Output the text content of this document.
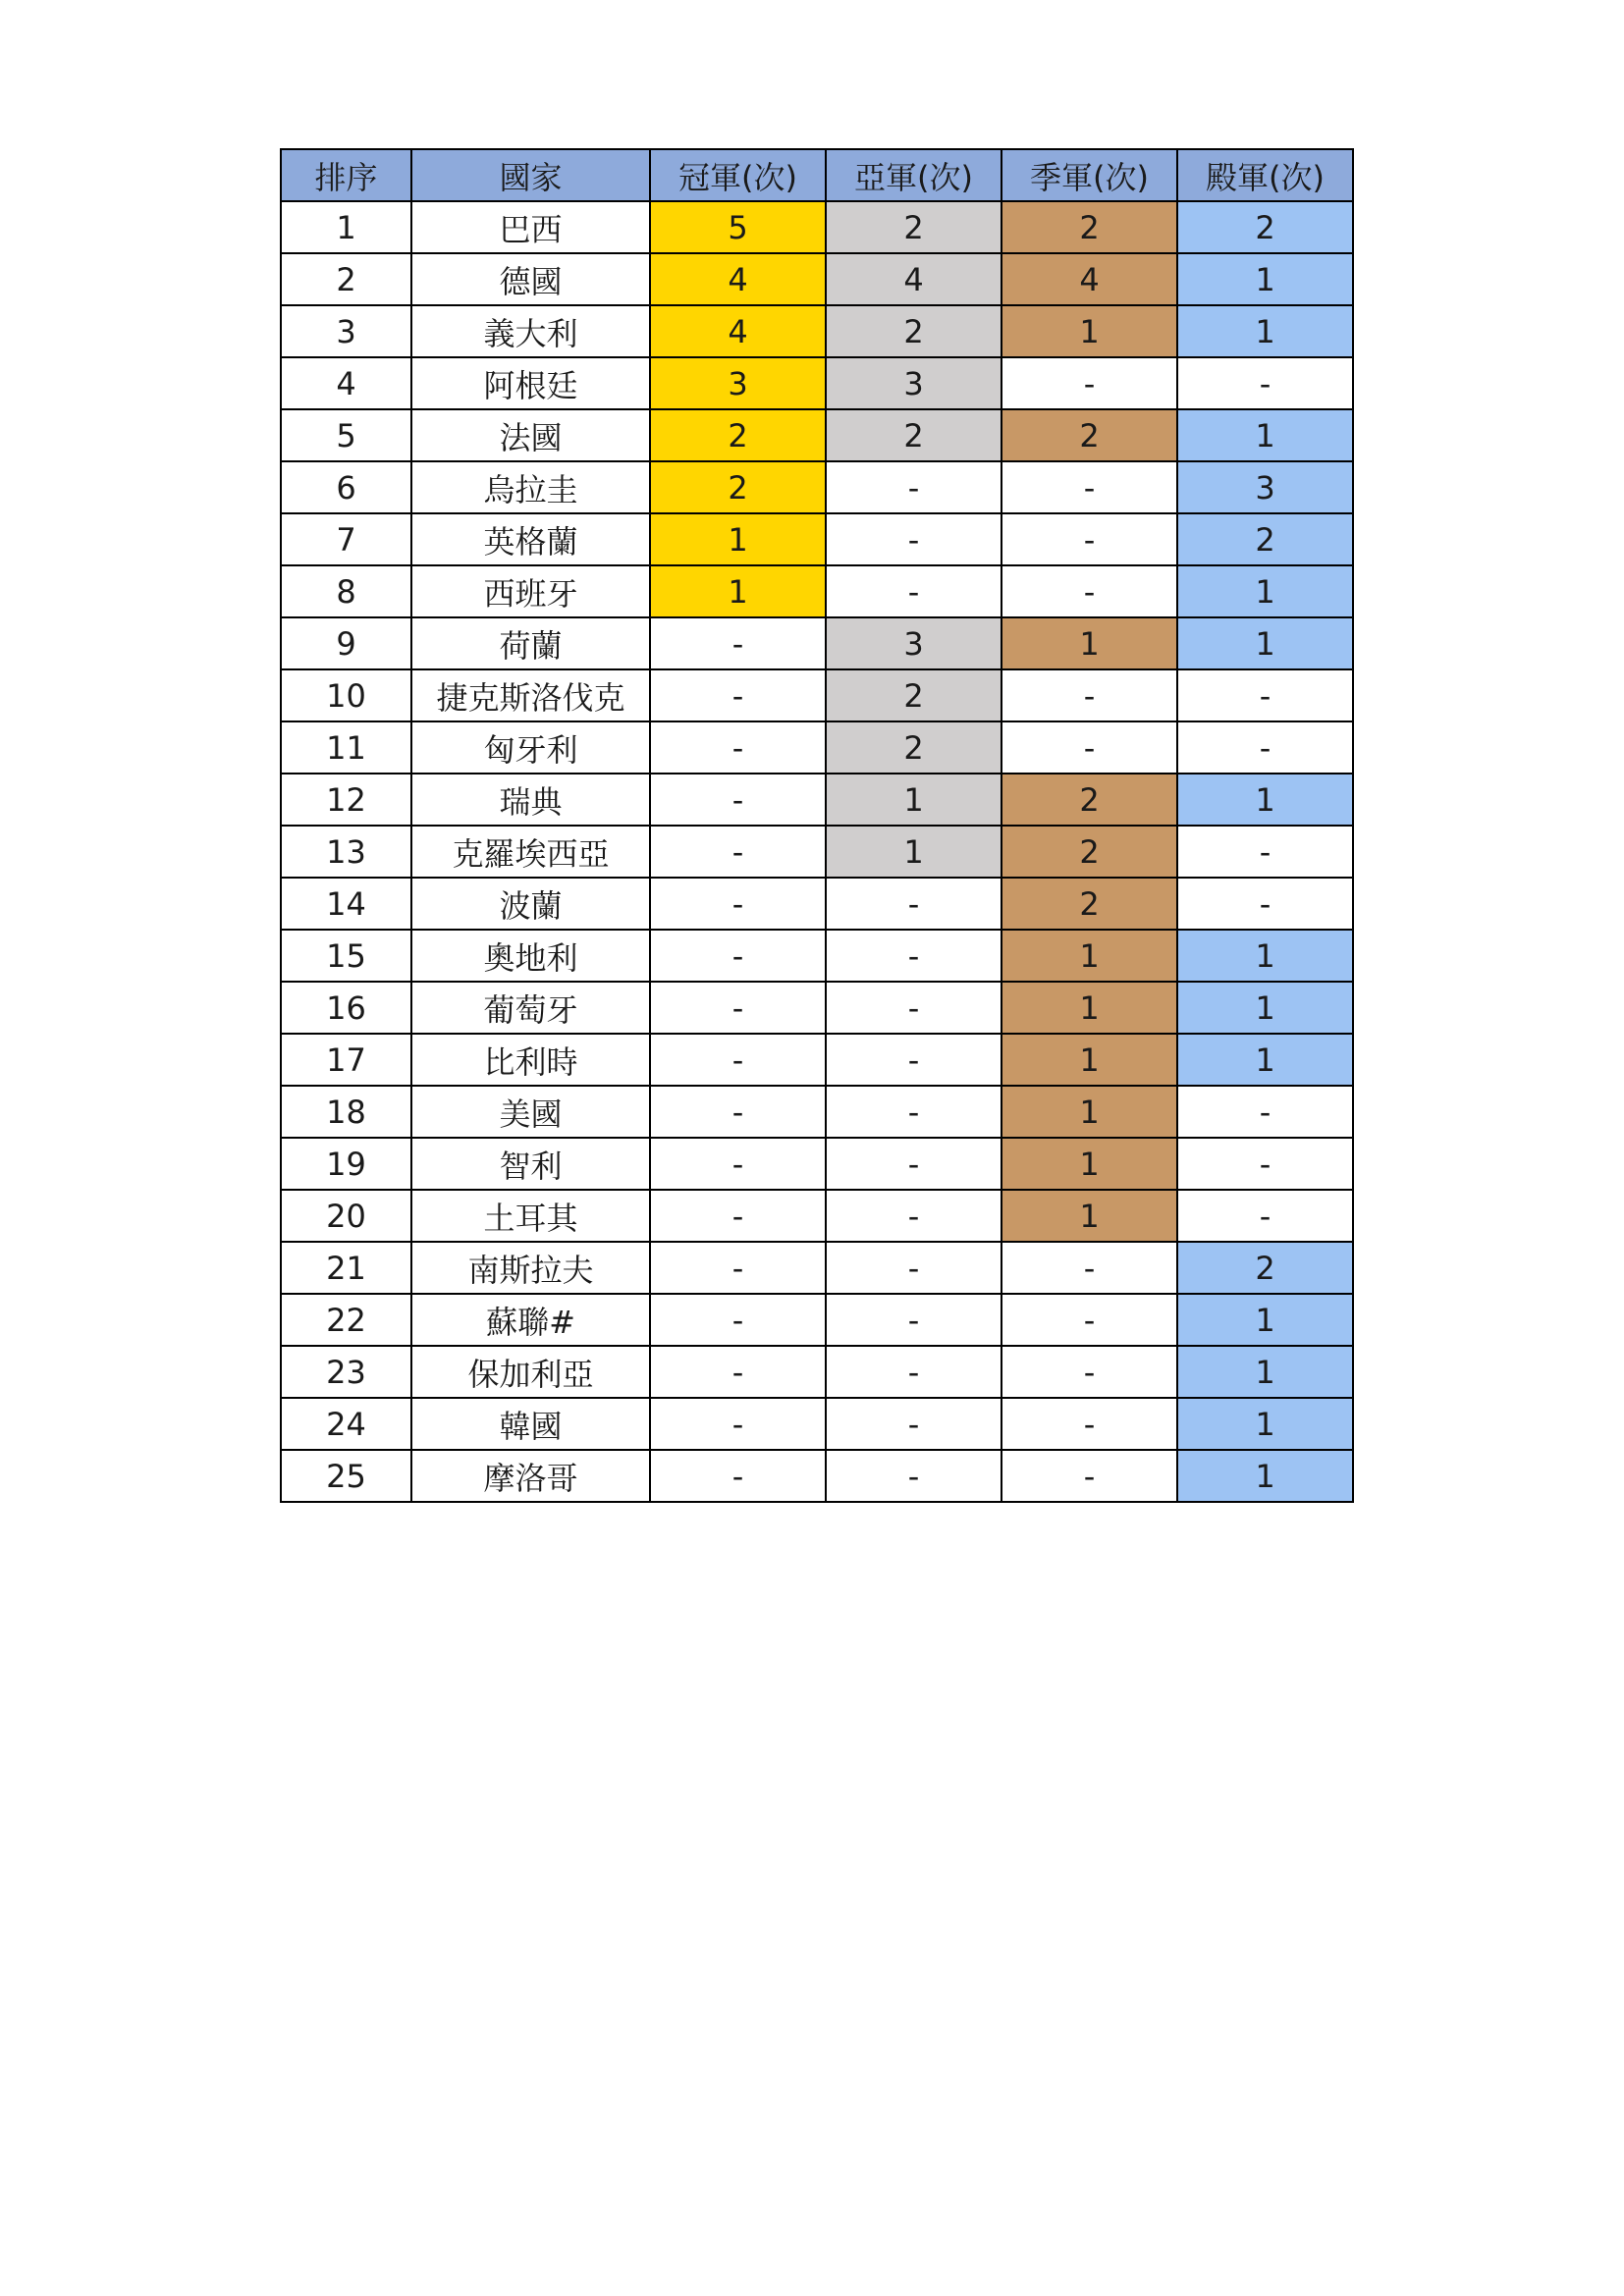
排序	國家	冠軍(次)	亞軍(次)	季軍(次)	殿軍(次)
1	巴西	5	2	2	2
2	德國	4	4	4	1
3	義大利	4	2	1	1
4	阿根廷	3	3	-	-
5	法國	2	2	2	1
6	烏拉圭	2	-	-	3
7	英格蘭	1	-	-	2
8	西班牙	1	-	-	1
9	荷蘭	-	3	1	1
10	捷克斯洛伐克	-	2	-	-
11	匈牙利	-	2	-	-
12	瑞典	-	1	2	1
13	克羅埃西亞	-	1	2	-
14	波蘭	-	-	2	-
15	奧地利	-	-	1	1
16	葡萄牙	-	-	1	1
17	比利時	-	-	1	1
18	美國	-	-	1	-
19	智利	-	-	1	-
20	土耳其	-	-	1	-
21	南斯拉夫	-	-	-	2
22	蘇聯#	-	-	-	1
23	保加利亞	-	-	-	1
24	韓國	-	-	-	1
25	摩洛哥	-	-	-	1
